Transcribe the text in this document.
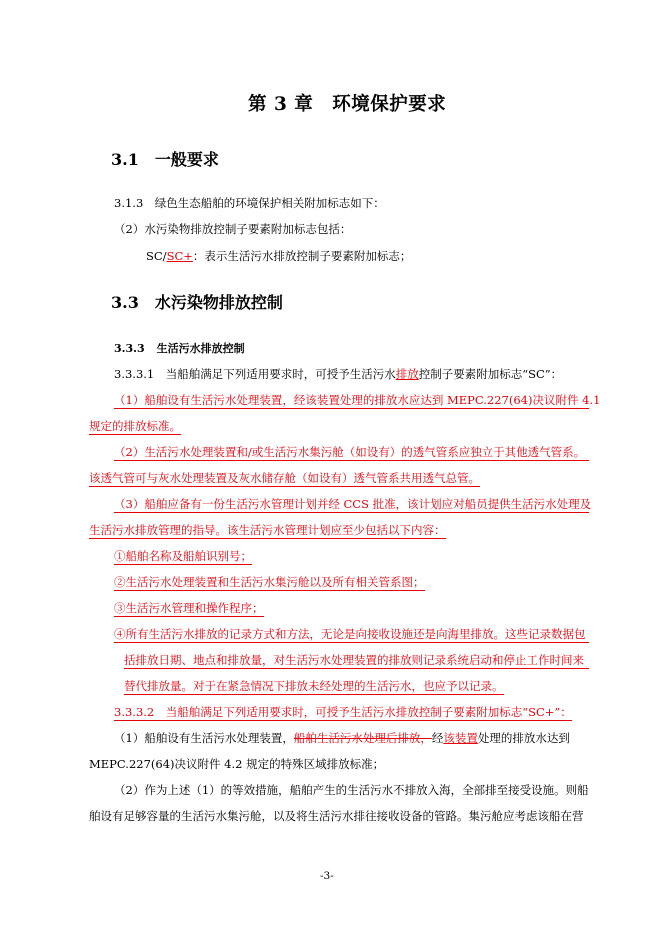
第 3 章　环境保护要求
3.1 一般要求
3.1.3　绿色生态船舶的环境保护相关附加标志如下：
（2）水污染物排放控制子要素附加标志包括：
SC/SC+：表示生活污水排放控制子要素附加标志；
3.3 水污染物排放控制
3.3.3 生活污水排放控制
3.3.3.1　当船舶满足下列适用要求时，可授予生活污水排放控制子要素附加标志“SC”：
（1）船舶设有生活污水处理装置，经该装置处理的排放水应达到 MEPC.227(64)决议附件 4.1
规定的排放标准。
（2）生活污水处理装置和/或生活污水集污舱（如设有）的透气管系应独立于其他透气管系。
该透气管可与灰水处理装置及灰水储存舱（如设有）透气管系共用透气总管。
（3）船舶应备有一份生活污水管理计划并经 CCS 批准，该计划应对船员提供生活污水处理及
生活污水排放管理的指导。该生活污水管理计划应至少包括以下内容：
①船舶名称及船舶识别号；
②生活污水处理装置和生活污水集污舱以及所有相关管系图；
③生活污水管理和操作程序；
④所有生活污水排放的记录方式和方法，无论是向接收设施还是向海里排放。这些记录数据包
括排放日期、地点和排放量，对生活污水处理装置的排放则记录系统启动和停止工作时间来
替代排放量。对于在紧急情况下排放未经处理的生活污水，也应予以记录。
3.3.3.2　当船舶满足下列适用要求时，可授予生活污水排放控制子要素附加标志“SC+”：
（1）船舶设有生活污水处理装置，船舶生活污水处理后排放，经该装置处理的排放水达到
MEPC.227(64)决议附件 4.2 规定的特殊区域排放标准；
（2）作为上述（1）的等效措施，船舶产生的生活污水不排放入海，全部排至接受设施。则船
舶设有足够容量的生活污水集污舱，以及将生活污水排往接收设备的管路。集污舱应考虑该船在营
-3-
